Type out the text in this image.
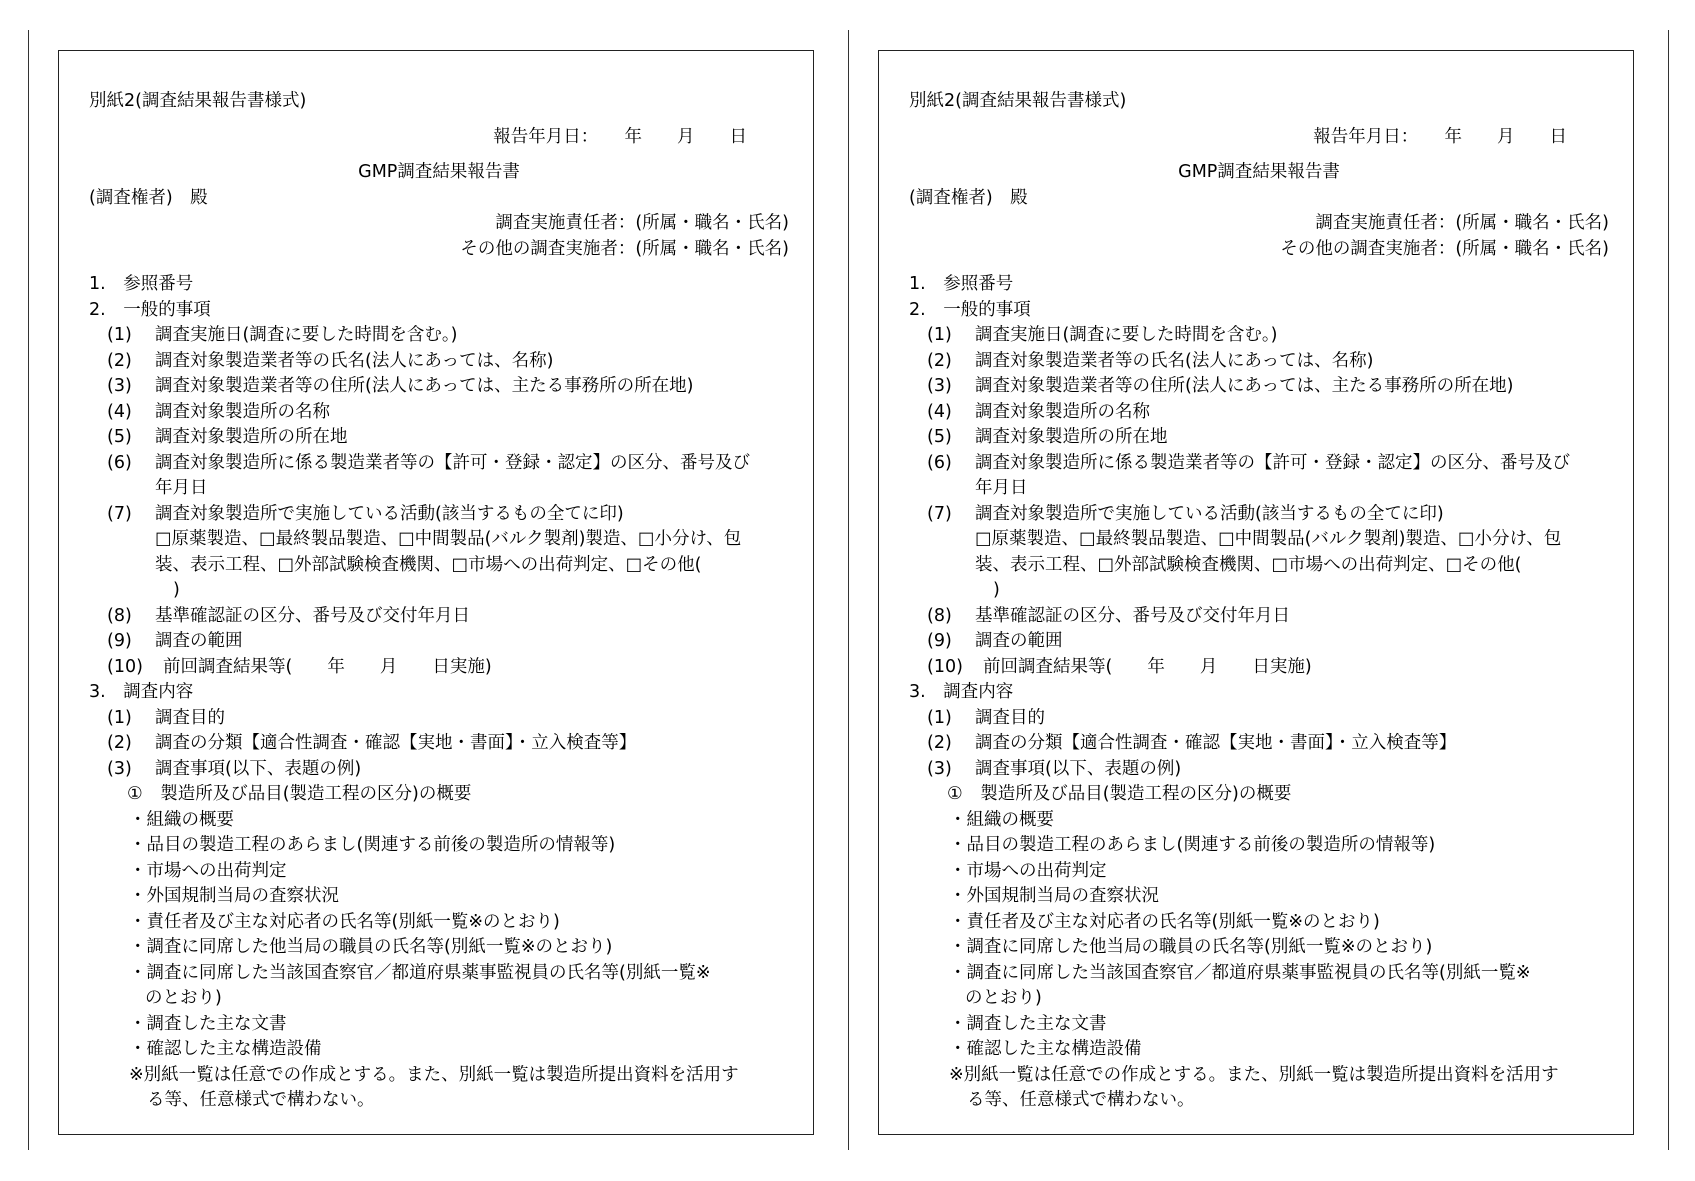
別紙2(調査結果報告書様式)
報告年月日：　　年　　月　　日
GMP調査結果報告書
(調査権者)　殿
調査実施責任者：(所属・職名・氏名)
その他の調査実施者：(所属・職名・氏名)
1.　参照番号
2.　一般的事項
(1) 調査実施日(調査に要した時間を含む。)
(2) 調査対象製造業者等の氏名(法人にあっては、名称)
(3) 調査対象製造業者等の住所(法人にあっては、主たる事務所の所在地)
(4) 調査対象製造所の名称
(5) 調査対象製造所の所在地
(6) 調査対象製造所に係る製造業者等の【許可・登録・認定】の区分、番号及び
年月日
(7) 調査対象製造所で実施している活動(該当するもの全てに印)
□原薬製造、□最終製品製造、□中間製品(バルク製剤)製造、□小分け、包
装、表示工程、□外部試験検査機関、□市場への出荷判定、□その他(
)
(8) 基準確認証の区分、番号及び交付年月日
(9) 調査の範囲
(10) 前回調査結果等(　　年　　月　　日実施)
3.　調査内容
(1) 調査目的
(2) 調査の分類【適合性調査・確認【実地・書面】・立入検査等】
(3) 調査事項(以下、表題の例)
①　製造所及び品目(製造工程の区分)の概要
・組織の概要
・品目の製造工程のあらまし(関連する前後の製造所の情報等)
・市場への出荷判定
・外国規制当局の査察状況
・責任者及び主な対応者の氏名等(別紙一覧※のとおり)
・調査に同席した他当局の職員の氏名等(別紙一覧※のとおり)
・調査に同席した当該国査察官／都道府県薬事監視員の氏名等(別紙一覧※
のとおり)
・調査した主な文書
・確認した主な構造設備
※別紙一覧は任意での作成とする。また、別紙一覧は製造所提出資料を活用す
る等、任意様式で構わない。
別紙2(調査結果報告書様式)
報告年月日：　　年　　月　　日
GMP調査結果報告書
(調査権者)　殿
調査実施責任者：(所属・職名・氏名)
その他の調査実施者：(所属・職名・氏名)
1.　参照番号
2.　一般的事項
(1) 調査実施日(調査に要した時間を含む。)
(2) 調査対象製造業者等の氏名(法人にあっては、名称)
(3) 調査対象製造業者等の住所(法人にあっては、主たる事務所の所在地)
(4) 調査対象製造所の名称
(5) 調査対象製造所の所在地
(6) 調査対象製造所に係る製造業者等の【許可・登録・認定】の区分、番号及び
年月日
(7) 調査対象製造所で実施している活動(該当するもの全てに印)
□原薬製造、□最終製品製造、□中間製品(バルク製剤)製造、□小分け、包
装、表示工程、□外部試験検査機関、□市場への出荷判定、□その他(
)
(8) 基準確認証の区分、番号及び交付年月日
(9) 調査の範囲
(10) 前回調査結果等(　　年　　月　　日実施)
3.　調査内容
(1) 調査目的
(2) 調査の分類【適合性調査・確認【実地・書面】・立入検査等】
(3) 調査事項(以下、表題の例)
①　製造所及び品目(製造工程の区分)の概要
・組織の概要
・品目の製造工程のあらまし(関連する前後の製造所の情報等)
・市場への出荷判定
・外国規制当局の査察状況
・責任者及び主な対応者の氏名等(別紙一覧※のとおり)
・調査に同席した他当局の職員の氏名等(別紙一覧※のとおり)
・調査に同席した当該国査察官／都道府県薬事監視員の氏名等(別紙一覧※
のとおり)
・調査した主な文書
・確認した主な構造設備
※別紙一覧は任意での作成とする。また、別紙一覧は製造所提出資料を活用す
る等、任意様式で構わない。
